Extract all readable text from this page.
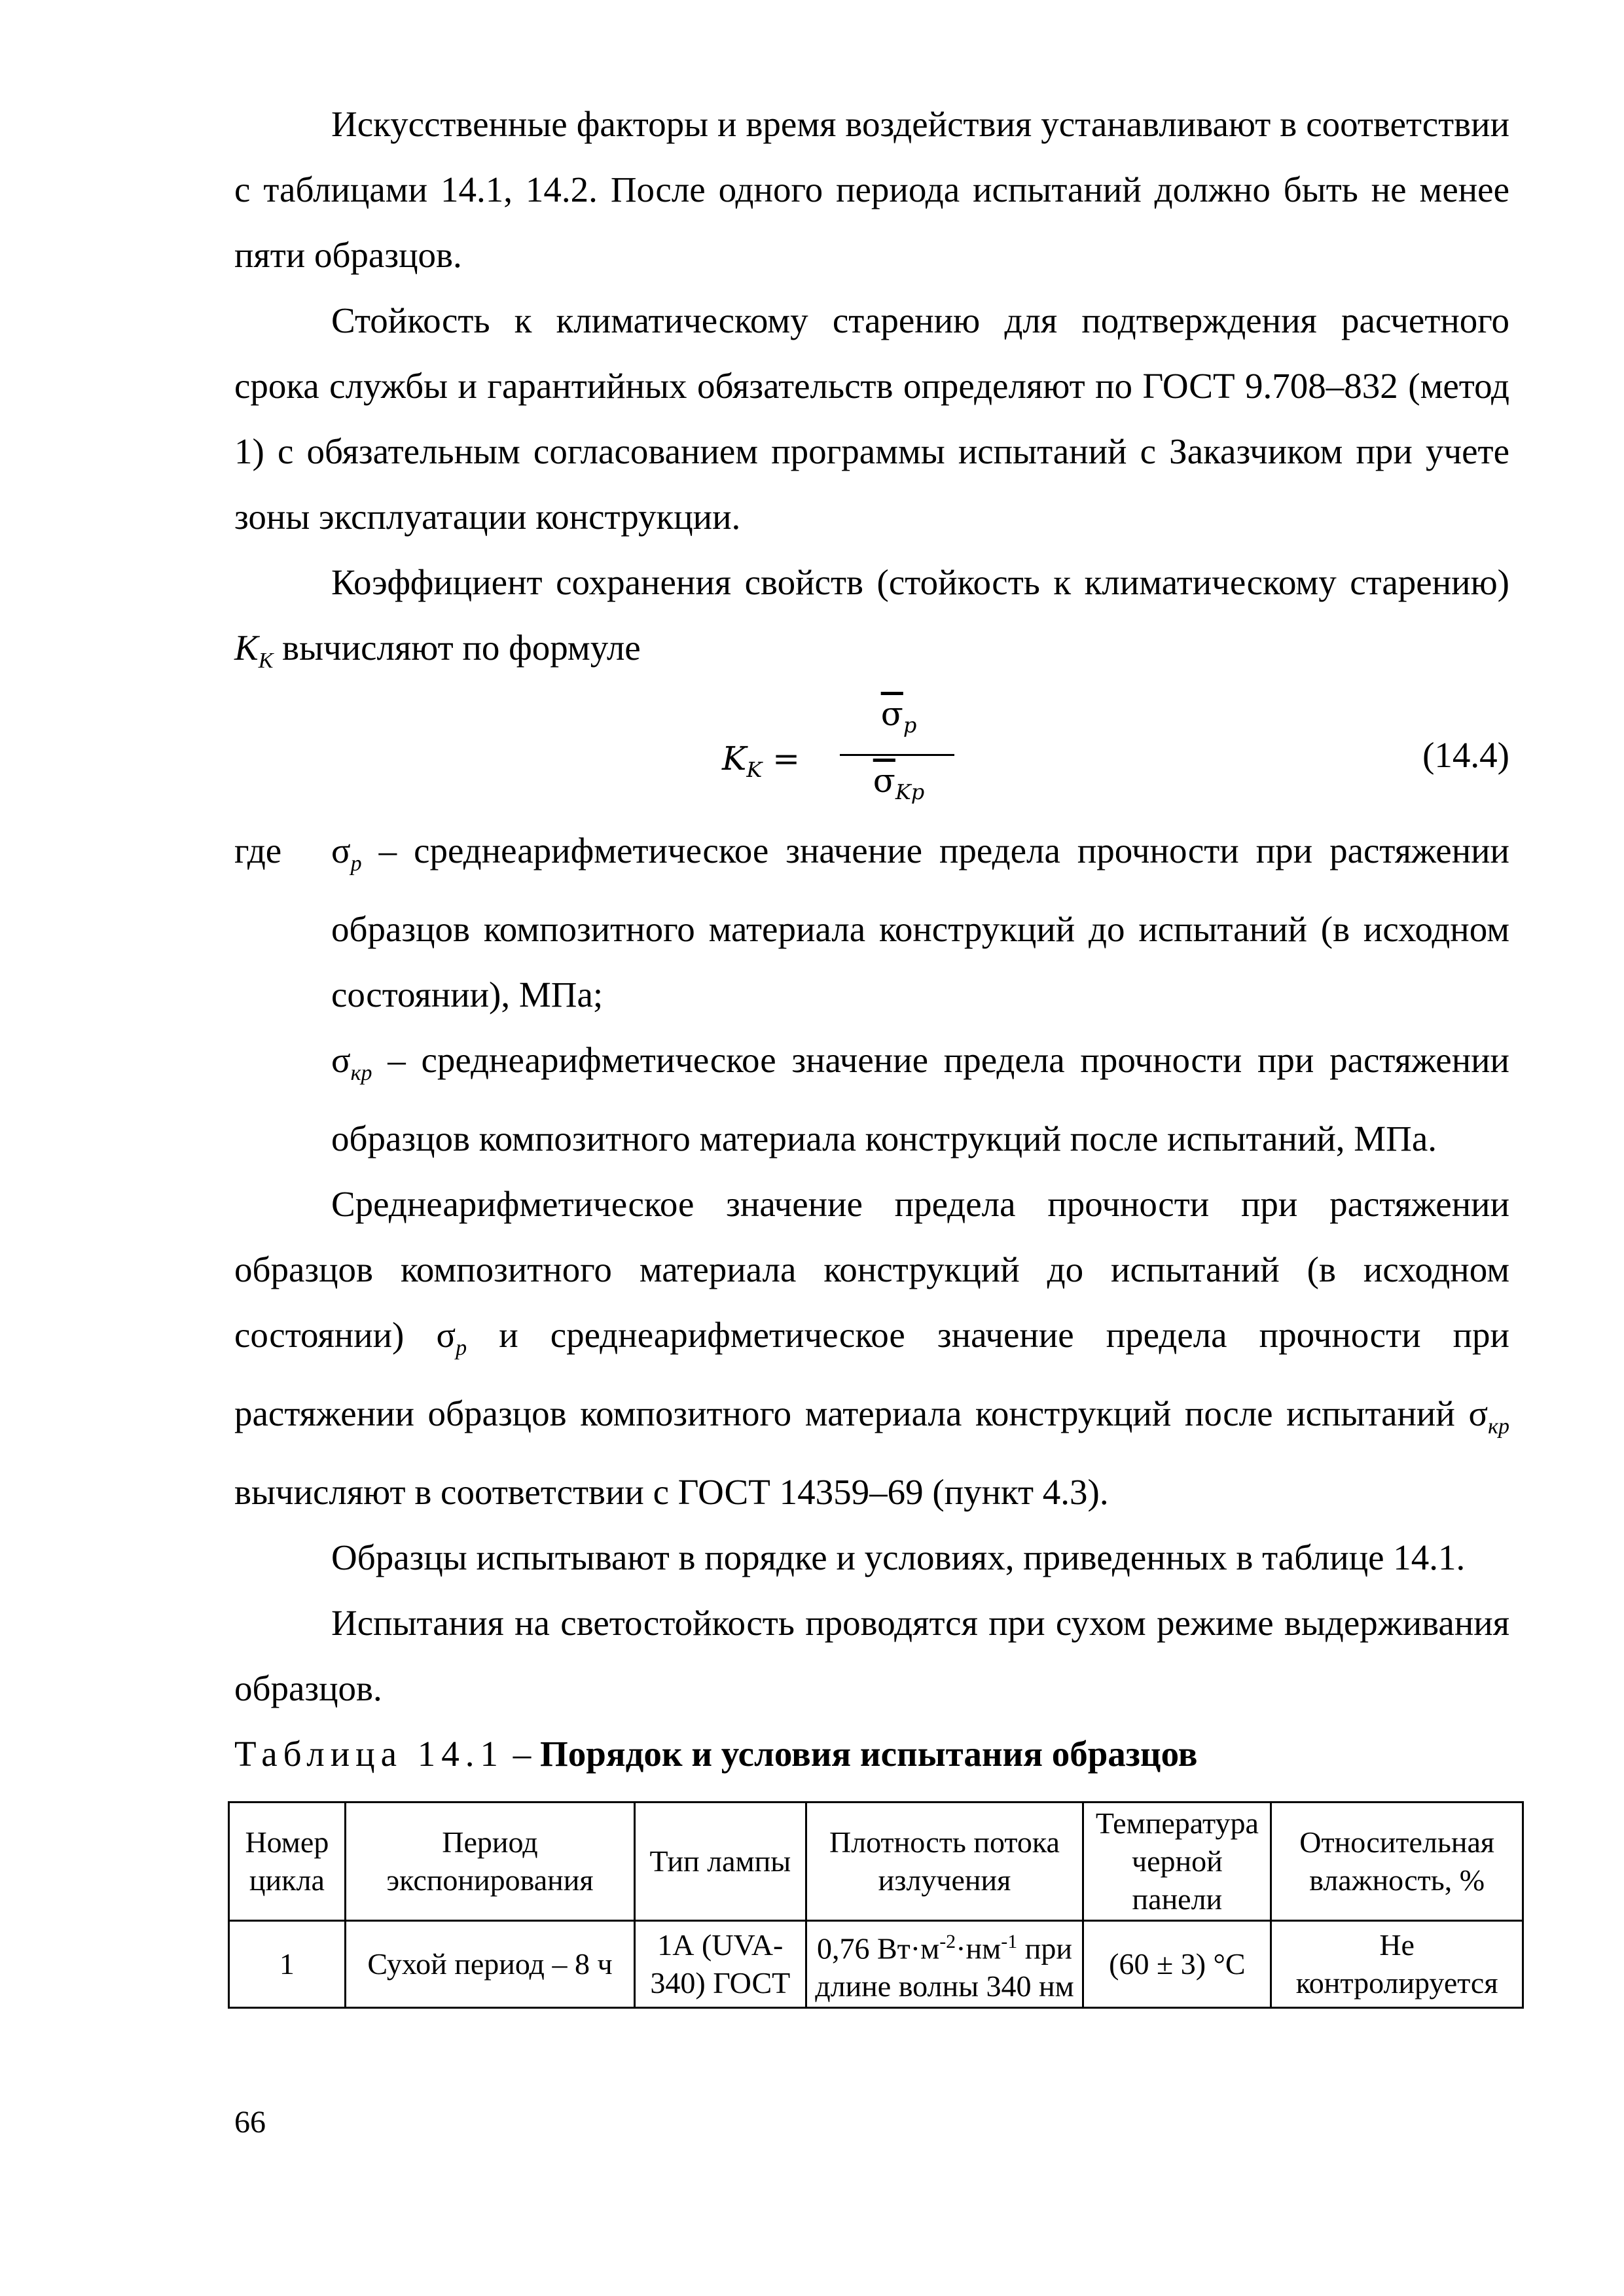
Искусственные факторы и время воздействия устанавливают в соответствии с таблицами 14.1, 14.2. После одного периода испытаний должно быть не менее пяти образцов.

Стойкость к климатическому старению для подтверждения расчетного срока службы и гарантийных обязательств определяют по ГОСТ 9.708–832 (метод 1) с обязательным согласованием программы испытаний с Заказчиком при учете зоны эксплуатации конструкции.

Коэффициент сохранения свойств (стойкость к климатическому старению) $K_K$ вычисляют по формуле

$K_K$ =
$\overline{\sigma}_p$
$\overline{\sigma}_{Kp}$
(14.4)
где	$\sigma_p$ – среднеарифметическое значение предела прочности при растяжении образцов композитного материала конструкций до испытаний (в исходном состоянии), МПа;
$\sigma_{кр}$ – среднеарифметическое значение предела прочности при растяжении образцов композитного материала конструкций после испытаний, МПа.

Среднеарифметическое значение предела прочности при растяжении образцов композитного материала конструкций до испытаний (в исходном состоянии) $\sigma_p$ и среднеарифметическое значение предела прочности при растяжении образцов композитного материала конструкций после испытаний $\sigma_{кр}$ вычисляют в соответствии с ГОСТ 14359–69 (пункт 4.3).

Образцы испытывают в порядке и условиях, приведенных в таблице 14.1.

Испытания на светостойкость проводятся при сухом режиме выдерживания образцов.

Таблица 14.1 – Порядок и условия испытания образцов

Номер цикла	Период экспонирования	Тип лампы	Плотность потока излучения	Температура черной панели	Относительная влажность, %
1	Сухой период – 8 ч	1А (UVA-340) ГОСТ	0,76 $Вт\cdot м^{-2}\cdot нм^{-1}$ при длине волны 340 нм	(60 ± 3) °С	Не контролируется
66
